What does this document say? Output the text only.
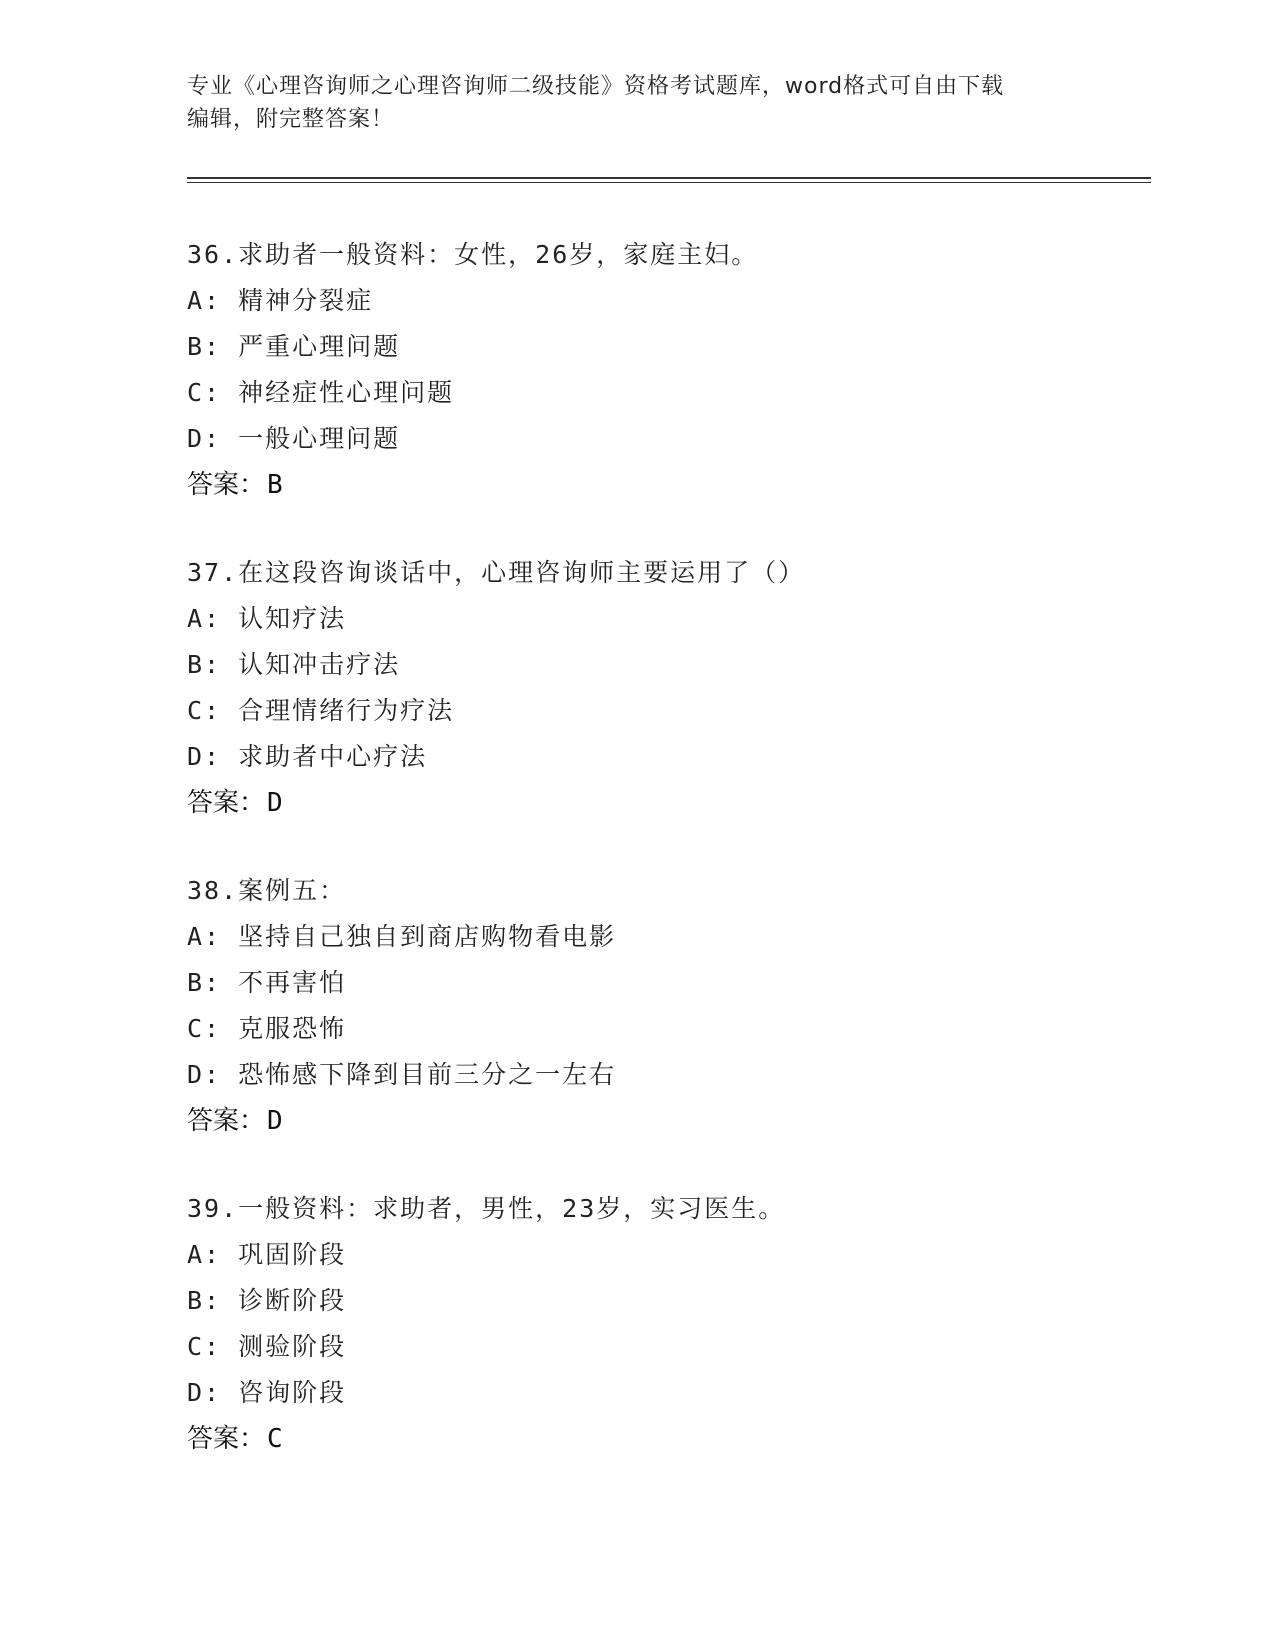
专业《心理咨询师之心理咨询师二级技能》资格考试题库，word格式可自由下载
编辑，附完整答案！
36.求助者一般资料：女性，26岁，家庭主妇。
A: 精神分裂症
B: 严重心理问题
C: 神经症性心理问题
D: 一般心理问题
答案：B
37.在这段咨询谈话中，心理咨询师主要运用了（）
A: 认知疗法
B: 认知冲击疗法
C: 合理情绪行为疗法
D: 求助者中心疗法
答案：D
38.案例五：
A: 坚持自己独自到商店购物看电影
B: 不再害怕
C: 克服恐怖
D: 恐怖感下降到目前三分之一左右
答案：D
39.一般资料：求助者，男性，23岁，实习医生。
A: 巩固阶段
B: 诊断阶段
C: 测验阶段
D: 咨询阶段
答案：C
